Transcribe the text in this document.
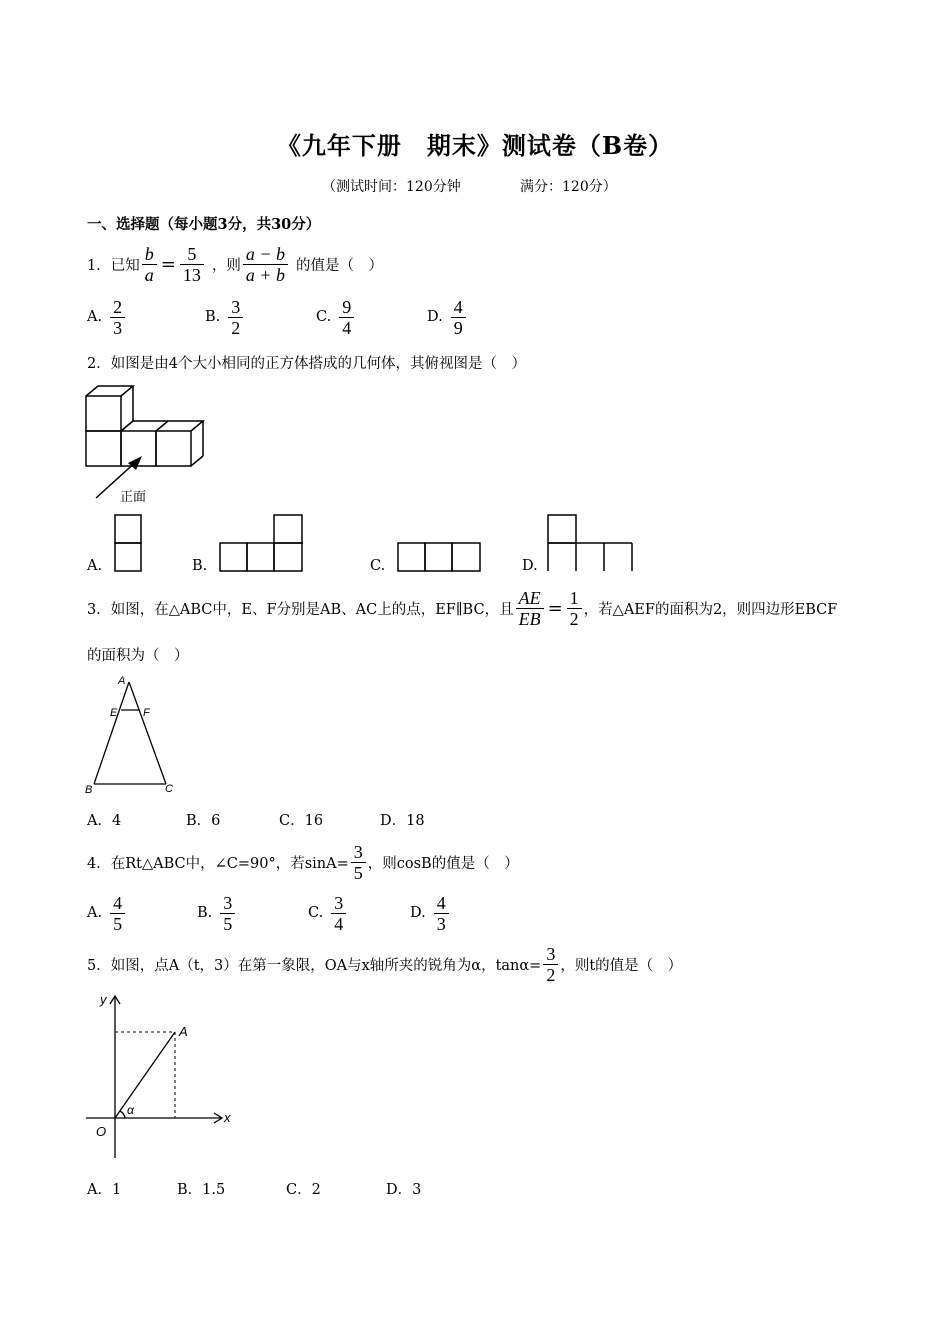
《九年下册　期末》测试卷（B卷）
（测试时间：120分钟	满分：120分）
一、选择题（每小题3分，共30分）
1．已知 $\frac{b}{a} = \frac{5}{13}$ ，则 $\frac{a - b}{a + b}$ 的值是（　）
A. $\frac{2}{3}$	B. $\frac{3}{2}$	C. $\frac{9}{4}$	D. $\frac{4}{9}$
2．如图是由4个大小相同的正方体搭成的几何体，其俯视图是（　）
正面
A.	B.	C.	D.
3．如图，在△ABC中，E、F分别是AB、AC上的点，EF∥BC，且 $\frac{AE}{EB} = \frac{1}{2}$ ，若△AEF的面积为2，则四边形EBCF
的面积为（　）
A
E F
B	C
A．4	B．6	C．16	D．18
4．在Rt△ABC中，∠C=90°，若$\sin A= \frac{3}{5}$ ，则cosB的值是（　）
A. $\frac{4}{5}$	B. $\frac{3}{5}$	C. $\frac{3}{4}$	D. $\frac{4}{3}$
5．如图，点A（t，3）在第一象限，OA与x轴所夹的锐角为α，$\tan\alpha= \frac{3}{2}$ ，则t的值是（　）
y
x
O
A
α
A．1	B．1.5	C．2	D．3
